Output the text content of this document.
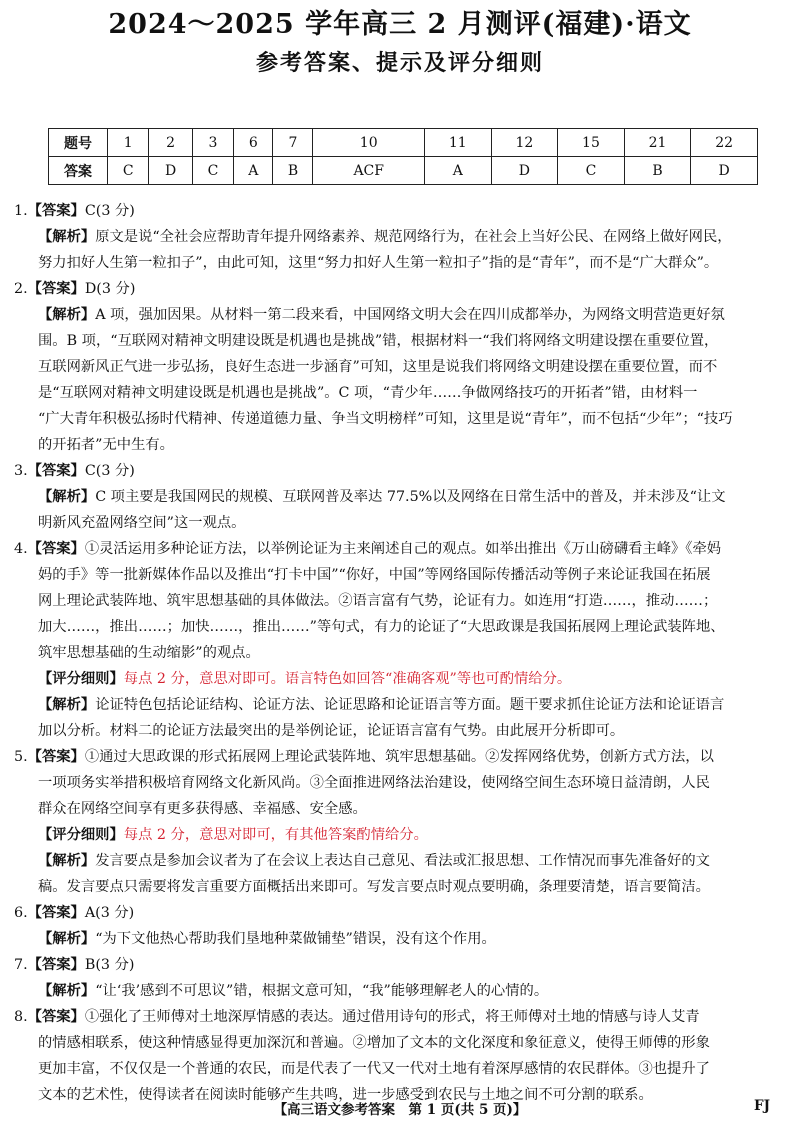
2024～2025 学年高三 2 月测评(福建)·语文
参考答案、提示及评分细则
题号	1	2	3	6	7	10	11	12	15	21	22
答案	C	D	C	A	B	ACF	A	D	C	B	D
1.【答案】C(3 分)
【解析】原文是说“全社会应帮助青年提升网络素养、规范网络行为，在社会上当好公民、在网络上做好网民，
努力扣好人生第一粒扣子”，由此可知，这里“努力扣好人生第一粒扣子”指的是“青年”，而不是“广大群众”。
2.【答案】D(3 分)
【解析】A 项，强加因果。从材料一第二段来看，中国网络文明大会在四川成都举办，为网络文明营造更好氛
围。B 项，“互联网对精神文明建设既是机遇也是挑战”错，根据材料一“我们将网络文明建设摆在重要位置，
互联网新风正气进一步弘扬，良好生态进一步涵育”可知，这里是说我们将网络文明建设摆在重要位置，而不
是“互联网对精神文明建设既是机遇也是挑战”。C 项，“青少年……争做网络技巧的开拓者”错，由材料一
“广大青年积极弘扬时代精神、传递道德力量、争当文明榜样”可知，这里是说“青年”，而不包括“少年”；“技巧
的开拓者”无中生有。
3.【答案】C(3 分)
【解析】C 项主要是我国网民的规模、互联网普及率达 77.5%以及网络在日常生活中的普及，并未涉及“让文
明新风充盈网络空间”这一观点。
4.【答案】①灵活运用多种论证方法，以举例论证为主来阐述自己的观点。如举出推出《万山磅礴看主峰》《牵妈
妈的手》等一批新媒体作品以及推出“打卡中国”“你好，中国”等网络国际传播活动等例子来论证我国在拓展
网上理论武装阵地、筑牢思想基础的具体做法。②语言富有气势，论证有力。如连用“打造……，推动……；
加大……，推出……；加快……，推出……”等句式，有力的论证了“大思政课是我国拓展网上理论武装阵地、
筑牢思想基础的生动缩影”的观点。
【评分细则】每点 2 分，意思对即可。语言特色如回答“准确客观”等也可酌情给分。
【解析】论证特色包括论证结构、论证方法、论证思路和论证语言等方面。题干要求抓住论证方法和论证语言
加以分析。材料二的论证方法最突出的是举例论证，论证语言富有气势。由此展开分析即可。
5.【答案】①通过大思政课的形式拓展网上理论武装阵地、筑牢思想基础。②发挥网络优势，创新方式方法，以
一项项务实举措积极培育网络文化新风尚。③全面推进网络法治建设，使网络空间生态环境日益清朗，人民
群众在网络空间享有更多获得感、幸福感、安全感。
【评分细则】每点 2 分，意思对即可，有其他答案酌情给分。
【解析】发言要点是参加会议者为了在会议上表达自己意见、看法或汇报思想、工作情况而事先准备好的文
稿。发言要点只需要将发言重要方面概括出来即可。写发言要点时观点要明确，条理要清楚，语言要简洁。
6.【答案】A(3 分)
【解析】“为下文他热心帮助我们垦地种菜做铺垫”错误，没有这个作用。
7.【答案】B(3 分)
【解析】“让‘我’感到不可思议”错，根据文意可知，“我”能够理解老人的心情的。
8.【答案】①强化了王师傅对土地深厚情感的表达。通过借用诗句的形式，将王师傅对土地的情感与诗人艾青
的情感相联系，使这种情感显得更加深沉和普遍。②增加了文本的文化深度和象征意义，使得王师傅的形象
更加丰富，不仅仅是一个普通的农民，而是代表了一代又一代对土地有着深厚感情的农民群体。③也提升了
文本的艺术性，使得读者在阅读时能够产生共鸣，进一步感受到农民与土地之间不可分割的联系。
【高三语文参考答案　第 1 页(共 5 页)】	FJ
